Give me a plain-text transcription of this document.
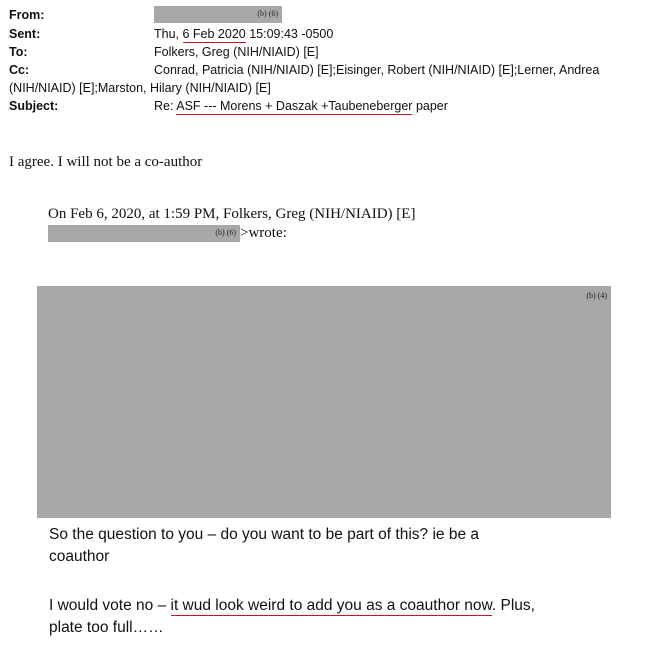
From:	(b) (6)
Sent:	Thu, 6 Feb 2020 15:09:43 -0500
To:	Folkers, Greg (NIH/NIAID) [E]
Cc:	Conrad, Patricia (NIH/NIAID) [E];Eisinger, Robert (NIH/NIAID) [E];Lerner, Andrea
(NIH/NIAID) [E];Marston, Hilary (NIH/NIAID) [E]
Subject:	Re: ASF --- Morens + Daszak +Taubeneberger paper
I agree. I will not be a co-author
On Feb 6, 2020, at 1:59 PM, Folkers, Greg (NIH/NIAID) [E]
(b) (6) >wrote:
(b) (4)
So the question to you – do you want to be part of this? ie be a
coauthor
I would vote no – it wud look weird to add you as a coauthor now. Plus,
plate too full……
